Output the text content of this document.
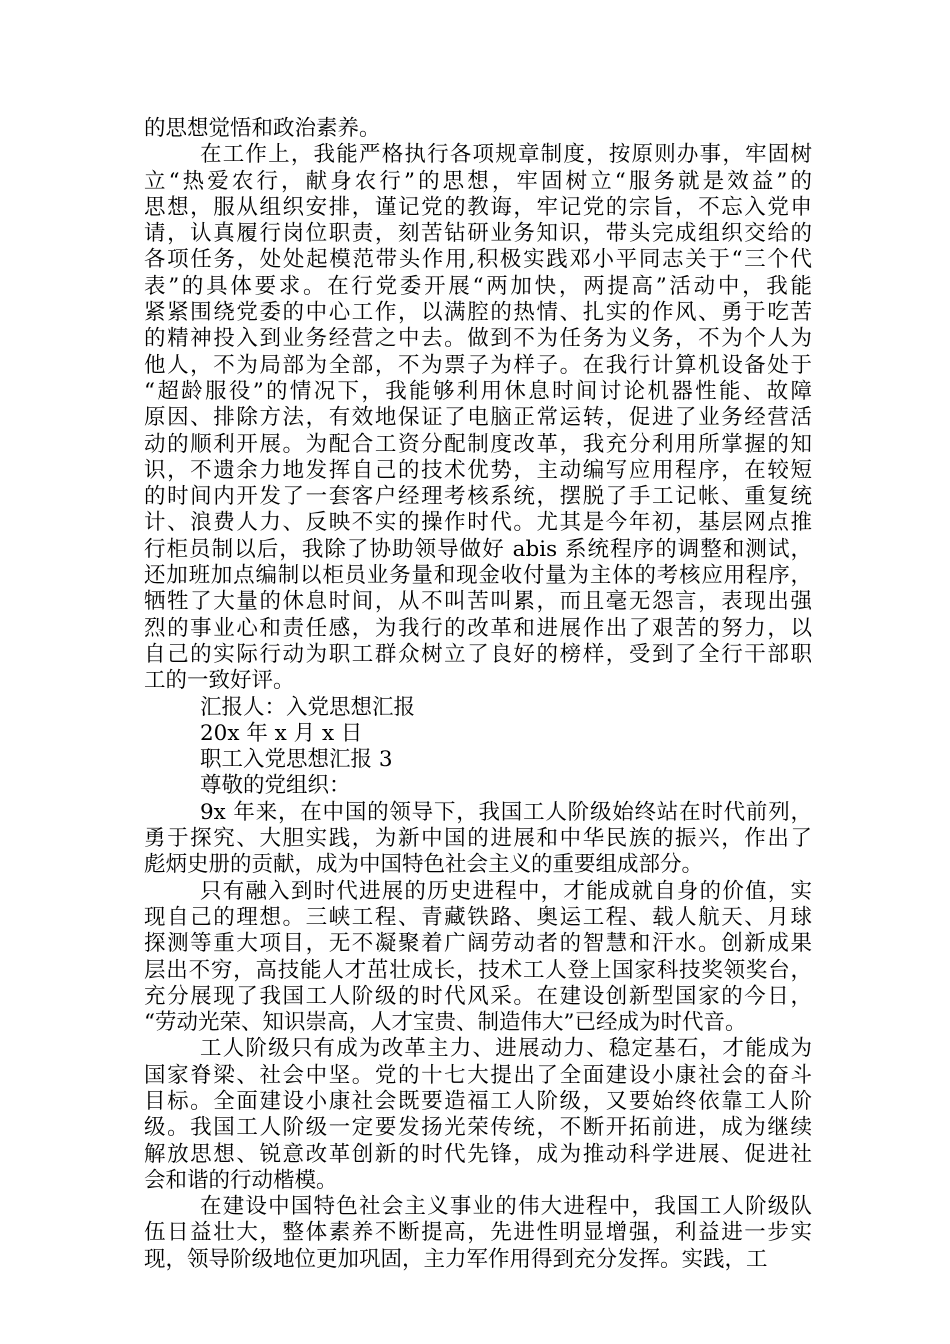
的思想觉悟和政治素养。
在工作上，我能严格执行各项规章制度，按原则办事，牢固树
立“热爱农行，献身农行”的思想，牢固树立“服务就是效益”的
思想，服从组织安排，谨记党的教诲，牢记党的宗旨，不忘入党申
请，认真履行岗位职责，刻苦钻研业务知识，带头完成组织交给的
各项任务，处处起模范带头作用,积极实践邓小平同志关于“三个代
表”的具体要求。在行党委开展“两加快，两提高”活动中，我能
紧紧围绕党委的中心工作，以满腔的热情、扎实的作风、勇于吃苦
的精神投入到业务经营之中去。做到不为任务为义务，不为个人为
他人，不为局部为全部，不为票子为样子。在我行计算机设备处于
“超龄服役”的情况下，我能够利用休息时间讨论机器性能、故障
原因、排除方法，有效地保证了电脑正常运转，促进了业务经营活
动的顺利开展。为配合工资分配制度改革，我充分利用所掌握的知
识，不遗余力地发挥自己的技术优势，主动编写应用程序，在较短
的时间内开发了一套客户经理考核系统，摆脱了手工记帐、重复统
计、浪费人力、反映不实的操作时代。尤其是今年初，基层网点推
行柜员制以后，我除了协助领导做好 abis 系统程序的调整和测试，
还加班加点编制以柜员业务量和现金收付量为主体的考核应用程序，
牺牲了大量的休息时间，从不叫苦叫累，而且毫无怨言，表现出强
烈的事业心和责任感，为我行的改革和进展作出了艰苦的努力，以
自己的实际行动为职工群众树立了良好的榜样，受到了全行干部职
工的一致好评。
汇报人：入党思想汇报
20x 年 x 月 x 日
职工入党思想汇报 3
尊敬的党组织：
9x 年来，在中国的领导下，我国工人阶级始终站在时代前列，
勇于探究、大胆实践，为新中国的进展和中华民族的振兴，作出了
彪炳史册的贡献，成为中国特色社会主义的重要组成部分。
只有融入到时代进展的历史进程中，才能成就自身的价值，实
现自己的理想。三峡工程、青藏铁路、奥运工程、载人航天、月球
探测等重大项目，无不凝聚着广阔劳动者的智慧和汗水。创新成果
层出不穷，高技能人才茁壮成长，技术工人登上国家科技奖领奖台，
充分展现了我国工人阶级的时代风采。在建设创新型国家的今日，
“劳动光荣、知识崇高，人才宝贵、制造伟大”已经成为时代音。
工人阶级只有成为改革主力、进展动力、稳定基石，才能成为
国家脊梁、社会中坚。党的十七大提出了全面建设小康社会的奋斗
目标。全面建设小康社会既要造福工人阶级，又要始终依靠工人阶
级。我国工人阶级一定要发扬光荣传统，不断开拓前进，成为继续
解放思想、锐意改革创新的时代先锋，成为推动科学进展、促进社
会和谐的行动楷模。
在建设中国特色社会主义事业的伟大进程中，我国工人阶级队
伍日益壮大，整体素养不断提高，先进性明显增强，利益进一步实
现，领导阶级地位更加巩固，主力军作用得到充分发挥。实践，工
